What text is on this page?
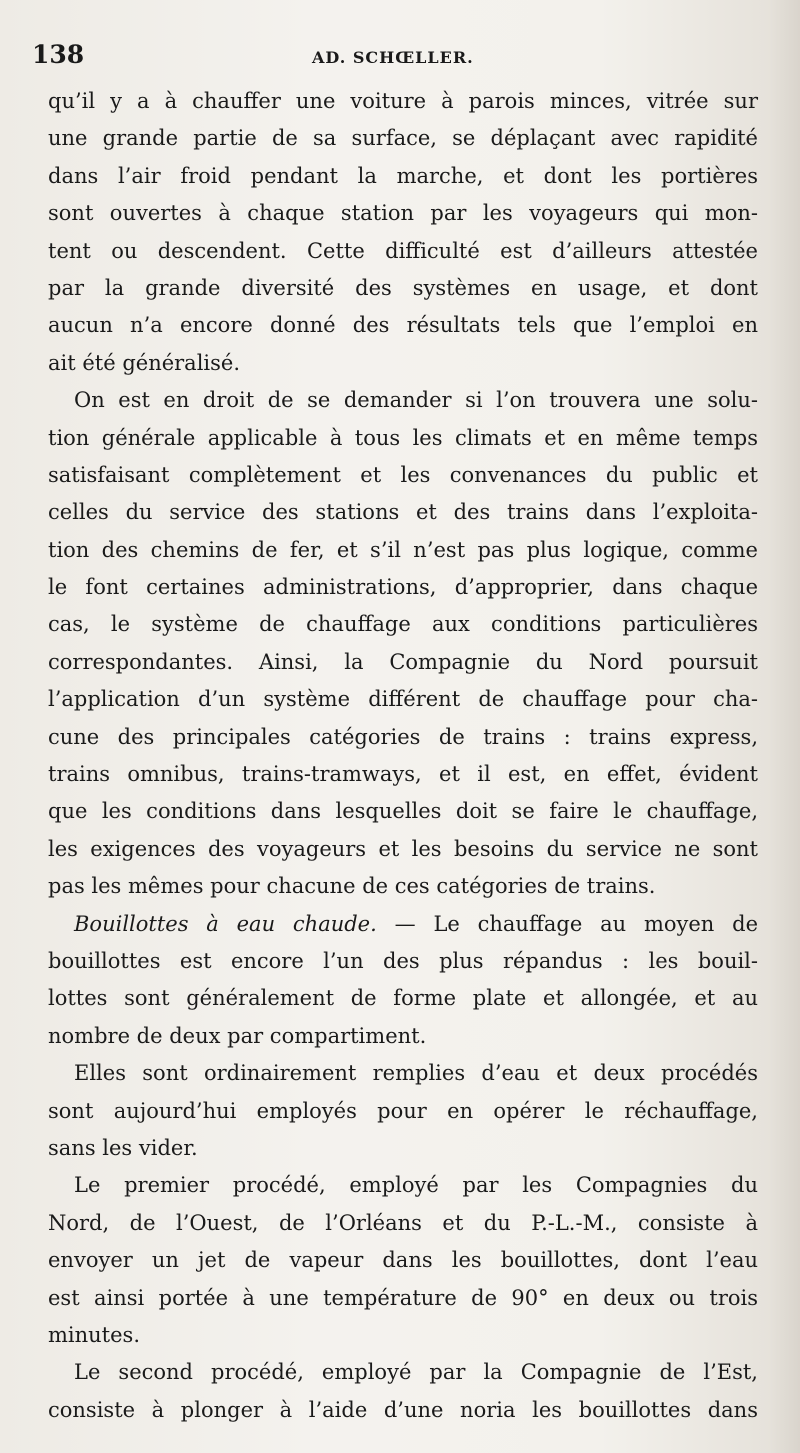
138	AD. SCHŒLLER.
qu’il y a à chauffer une voiture à parois minces, vitrée sur
une grande partie de sa surface, se déplaçant avec rapidité
dans l’air froid pendant la marche, et dont les portières
sont ouvertes à chaque station par les voyageurs qui mon-
tent ou descendent. Cette difficulté est d’ailleurs attestée
par la grande diversité des systèmes en usage, et dont
aucun n’a encore donné des résultats tels que l’emploi en
ait été généralisé.
On est en droit de se demander si l’on trouvera une solu-
tion générale applicable à tous les climats et en même temps
satisfaisant complètement et les convenances du public et
celles du service des stations et des trains dans l’exploita-
tion des chemins de fer, et s’il n’est pas plus logique, comme
le font certaines administrations, d’approprier, dans chaque
cas, le système de chauffage aux conditions particulières
correspondantes. Ainsi, la Compagnie du Nord poursuit
l’application d’un système différent de chauffage pour cha-
cune des principales catégories de trains : trains express,
trains omnibus, trains-tramways, et il est, en effet, évident
que les conditions dans lesquelles doit se faire le chauffage,
les exigences des voyageurs et les besoins du service ne sont
pas les mêmes pour chacune de ces catégories de trains.
Bouillottes à eau chaude. — Le chauffage au moyen de
bouillottes est encore l’un des plus répandus : les bouil-
lottes sont généralement de forme plate et allongée, et au
nombre de deux par compartiment.
Elles sont ordinairement remplies d’eau et deux procédés
sont aujourd’hui employés pour en opérer le réchauffage,
sans les vider.
Le premier procédé, employé par les Compagnies du
Nord, de l’Ouest, de l’Orléans et du P.-L.-M., consiste à
envoyer un jet de vapeur dans les bouillottes, dont l’eau
est ainsi portée à une température de 90° en deux ou trois
minutes.
Le second procédé, employé par la Compagnie de l’Est,
consiste à plonger à l’aide d’une noria les bouillottes dans
